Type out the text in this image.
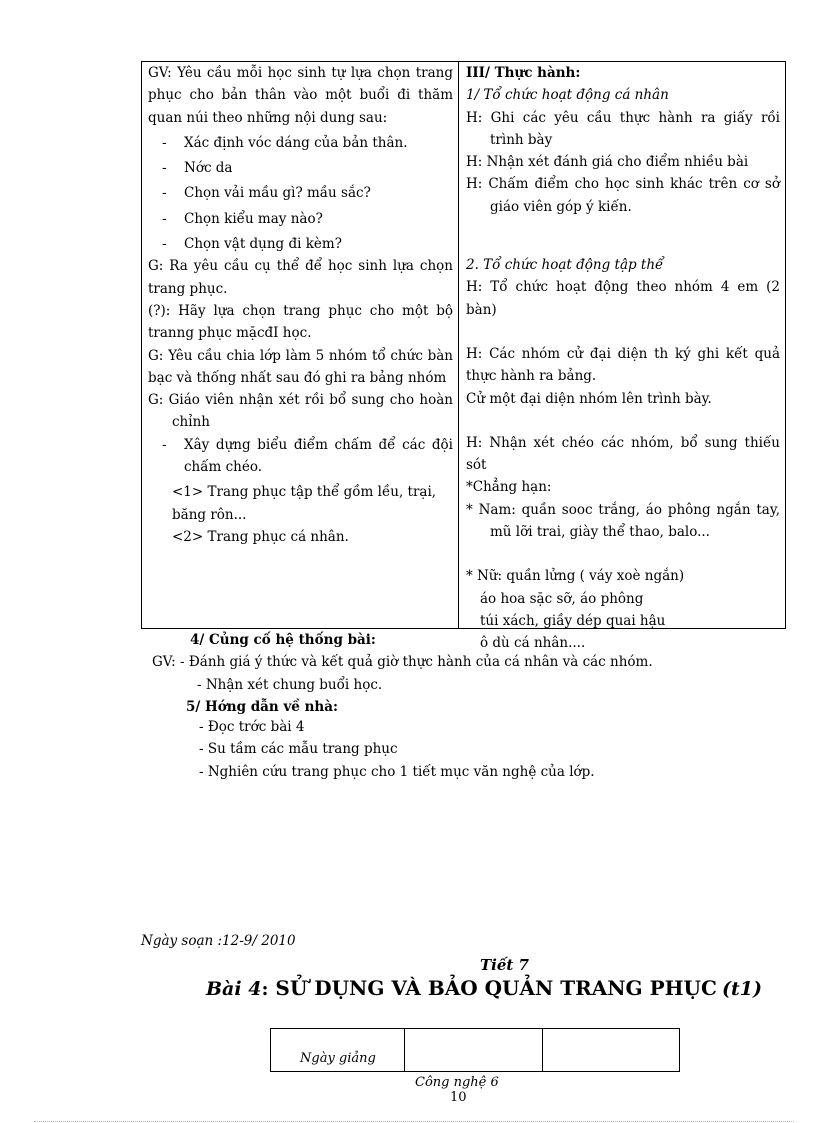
GV: Yêu cầu mỗi học sinh tự lựa chọn trang phục cho bản thân vào một buổi đi thăm quan núi theo những nội dung sau:

- Xác định vóc dáng của bản thân.

- Nớc da

- Chọn vải mầu gì? mầu sắc?

- Chọn kiểu may nào?

- Chọn vật dụng đi kèm?

G: Ra yêu cầu cụ thể để học sinh lựa chọn trang phục.

(?): Hãy lựa chọn trang phục cho một bộ tranng phục mặcđI học.

G: Yêu cầu chia lớp làm 5 nhóm tổ chức bàn bạc và thống nhất sau đó ghi ra bảng nhóm

G: Giáo viên nhận xét rồi bổ sung cho hoàn chỉnh

- Xây dựng biểu điểm chấm để các đội chấm chéo.

<1> Trang phục tập thể gồm lều, trại, băng rôn...

<2> Trang phục cá nhân.

III/ Thực hành:

1/ Tổ chức hoạt động cá nhân

H: Ghi các yêu cầu thực hành ra giấy rồi trình bày

H: Nhận xét đánh giá cho điểm nhiều bài

H: Chấm điểm cho học sinh khác trên cơ sở giáo viên góp ý kiến.

2. Tổ chức hoạt động tập thể

H: Tổ chức hoạt động theo nhóm 4 em (2 bàn)

H: Các nhóm cử đại diện th ký ghi kết quả thực hành ra bảng.

Cử một đại diện nhóm lên trình bày.

H: Nhận xét chéo các nhóm, bổ sung thiếu sót

*Chẳng hạn:

* Nam: quần sooc trắng, áo phông ngắn tay, mũ lỡi trai, giày thể thao, balo...

* Nữ: quần lửng ( váy xoè ngắn)

áo hoa sặc sỡ, áo phông

túi xách, giầy dép quai hậu

ô dù cá nhân....

4/ Củng cố hệ thống bài:
GV: - Đánh giá ý thức và kết quả giờ thực hành của cá nhân và các nhóm.
- Nhận xét chung buổi học.
5/ Hớng dẫn về nhà:
- Đọc trớc bài 4
- Su tầm các mẫu trang phục
- Nghiên cứu trang phục cho 1 tiết mục văn nghệ của lớp.
Ngày soạn :12-9/ 2010
Tiết 7
Bài 4: SỬ DỤNG VÀ BẢO QUẢN TRANG PHỤC (t1)
Ngày giảng
Công nghệ 6
10
